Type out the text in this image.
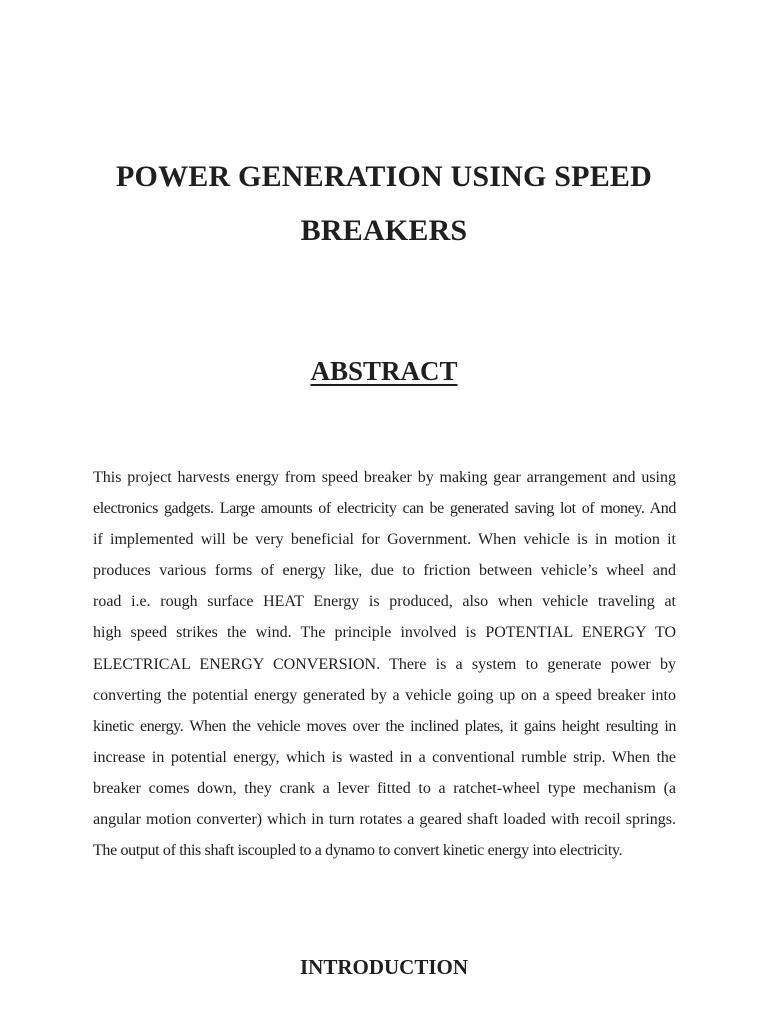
POWER GENERATION USING SPEED
BREAKERS
ABSTRACT
This project harvests energy from speed breaker by making gear arrangement and using
electronics gadgets. Large amounts of electricity can be generated saving lot of money. And
if implemented will be very beneficial for Government. When vehicle is in motion it
produces various forms of energy like, due to friction between vehicle’s wheel and
road i.e. rough surface HEAT Energy is produced, also when vehicle traveling at
high speed strikes the wind. The principle involved is POTENTIAL ENERGY TO
ELECTRICAL ENERGY CONVERSION. There is a system to generate power by
converting the potential energy generated by a vehicle going up on a speed breaker into
kinetic energy. When the vehicle moves over the inclined plates, it gains height resulting in
increase in potential energy, which is wasted in a conventional rumble strip. When the
breaker comes down, they crank a lever fitted to a ratchet-wheel type mechanism (a
angular motion converter) which in turn rotates a geared shaft loaded with recoil springs.
The output of this shaft iscoupled to a dynamo to convert kinetic energy into electricity.
INTRODUCTION
